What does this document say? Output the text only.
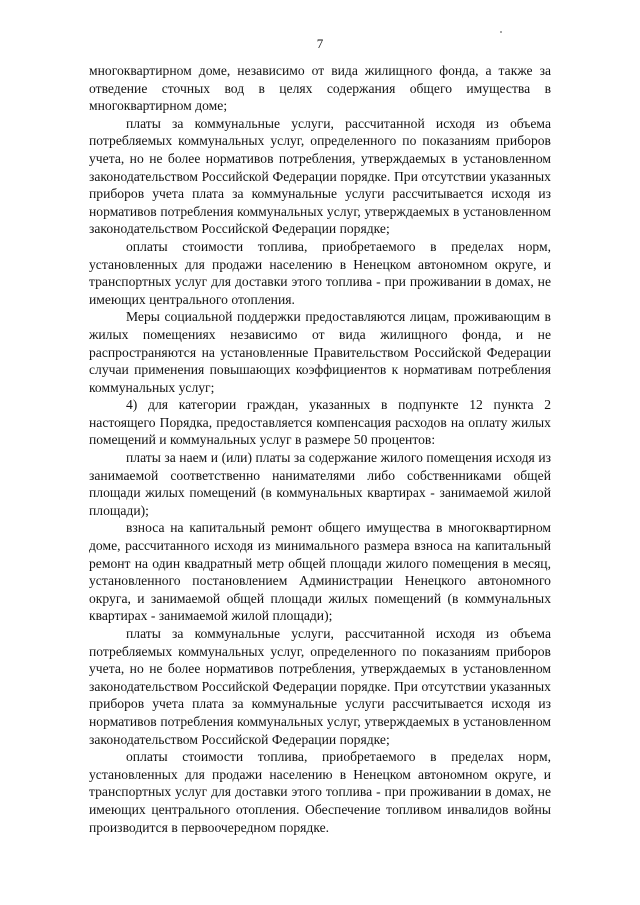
7

многоквартирном доме, независимо от вида жилищного фонда, а также за отведение сточных вод в целях содержания общего имущества в многоквартирном доме;

платы за коммунальные услуги, рассчитанной исходя из объема потребляемых коммунальных услуг, определенного по показаниям приборов учета, но не более нормативов потребления, утверждаемых в установленном законодательством Российской Федерации порядке. При отсутствии указанных приборов учета плата за коммунальные услуги рассчитывается исходя из нормативов потребления коммунальных услуг, утверждаемых в установленном законодательством Российской Федерации порядке;

оплаты стоимости топлива, приобретаемого в пределах норм, установленных для продажи населению в Ненецком автономном округе, и транспортных услуг для доставки этого топлива - при проживании в домах, не имеющих центрального отопления.

Меры социальной поддержки предоставляются лицам, проживающим в жилых помещениях независимо от вида жилищного фонда, и не распространяются на установленные Правительством Российской Федерации случаи применения повышающих коэффициентов к нормативам потребления коммунальных услуг;

4) для категории граждан, указанных в подпункте 12 пункта 2 настоящего Порядка, предоставляется компенсация расходов на оплату жилых помещений и коммунальных услуг в размере 50 процентов:

платы за наем и (или) платы за содержание жилого помещения исходя из занимаемой соответственно нанимателями либо собственниками общей площади жилых помещений (в коммунальных квартирах - занимаемой жилой площади);

взноса на капитальный ремонт общего имущества в многоквартирном доме, рассчитанного исходя из минимального размера взноса на капитальный ремонт на один квадратный метр общей площади жилого помещения в месяц, установленного постановлением Администрации Ненецкого автономного округа, и занимаемой общей площади жилых помещений (в коммунальных квартирах - занимаемой жилой площади);

платы за коммунальные услуги, рассчитанной исходя из объема потребляемых коммунальных услуг, определенного по показаниям приборов учета, но не более нормативов потребления, утверждаемых в установленном законодательством Российской Федерации порядке. При отсутствии указанных приборов учета плата за коммунальные услуги рассчитывается исходя из нормативов потребления коммунальных услуг, утверждаемых в установленном законодательством Российской Федерации порядке;

оплаты стоимости топлива, приобретаемого в пределах норм, установленных для продажи населению в Ненецком автономном округе, и транспортных услуг для доставки этого топлива - при проживании в домах, не имеющих центрального отопления. Обеспечение топливом инвалидов войны производится в первоочередном порядке.
